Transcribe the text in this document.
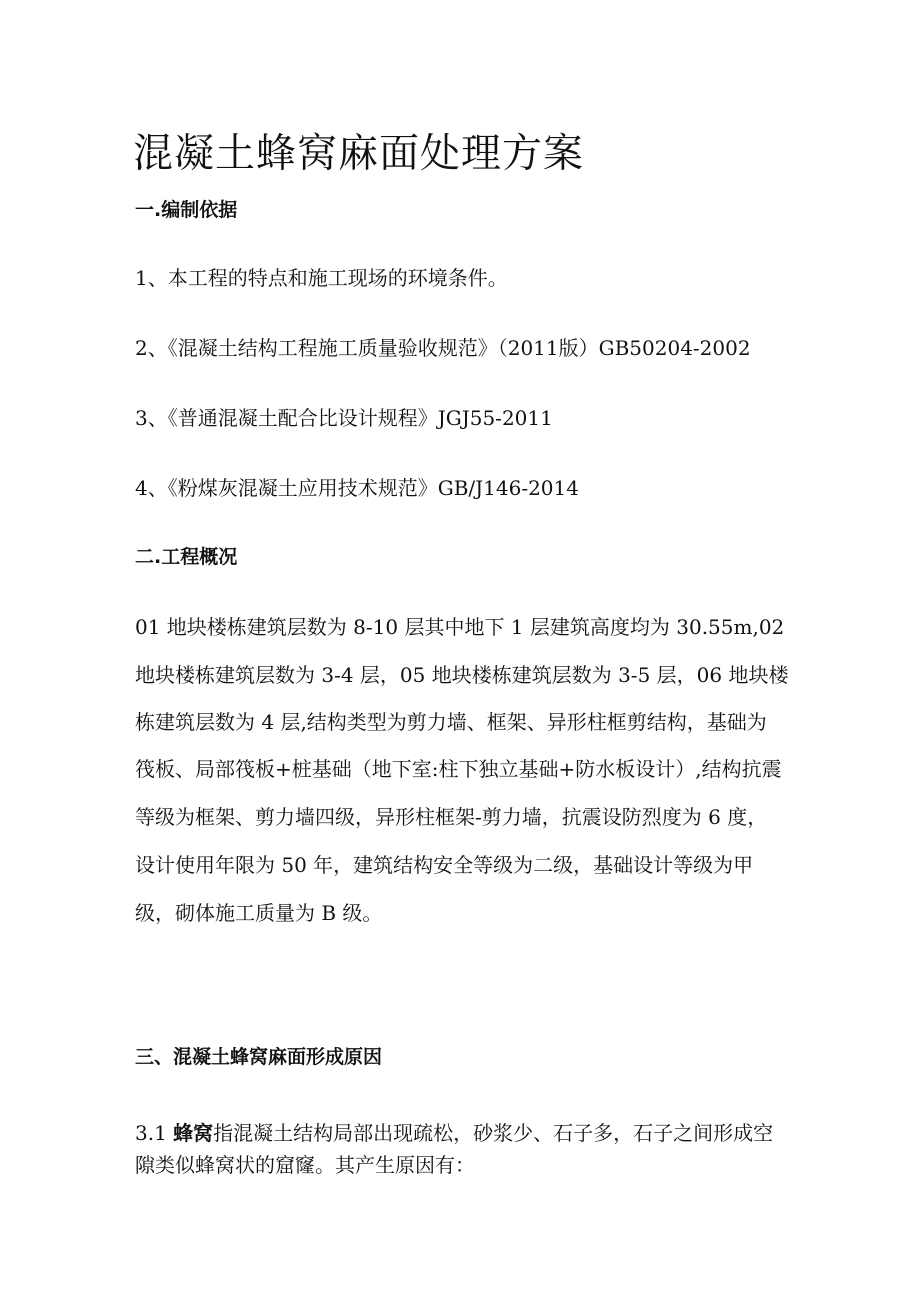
混凝土蜂窝麻面处理方案
一.编制依据
1、本工程的特点和施工现场的环境条件。
2、《混凝土结构工程施工质量验收规范》（2011版）GB50204-2002
3、《普通混凝土配合比设计规程》JGJ55-2011
4、《粉煤灰混凝土应用技术规范》GB/J146-2014
二.工程概况
01 地块楼栋建筑层数为 8-10 层其中地下 1 层建筑高度均为 30.55m,02
地块楼栋建筑层数为 3-4 层，05 地块楼栋建筑层数为 3-5 层，06 地块楼
栋建筑层数为 4 层,结构类型为剪力墙、框架、异形柱框剪结构，基础为
筏板、局部筏板+桩基础（地下室:柱下独立基础+防水板设计）,结构抗震
等级为框架、剪力墙四级，异形柱框架-剪力墙，抗震设防烈度为 6 度，
设计使用年限为 50 年，建筑结构安全等级为二级，基础设计等级为甲
级，砌体施工质量为 B 级。
三、混凝土蜂窝麻面形成原因
3.1 蜂窝指混凝土结构局部出现疏松，砂浆少、石子多，石子之间形成空
隙类似蜂窝状的窟窿。其产生原因有：
